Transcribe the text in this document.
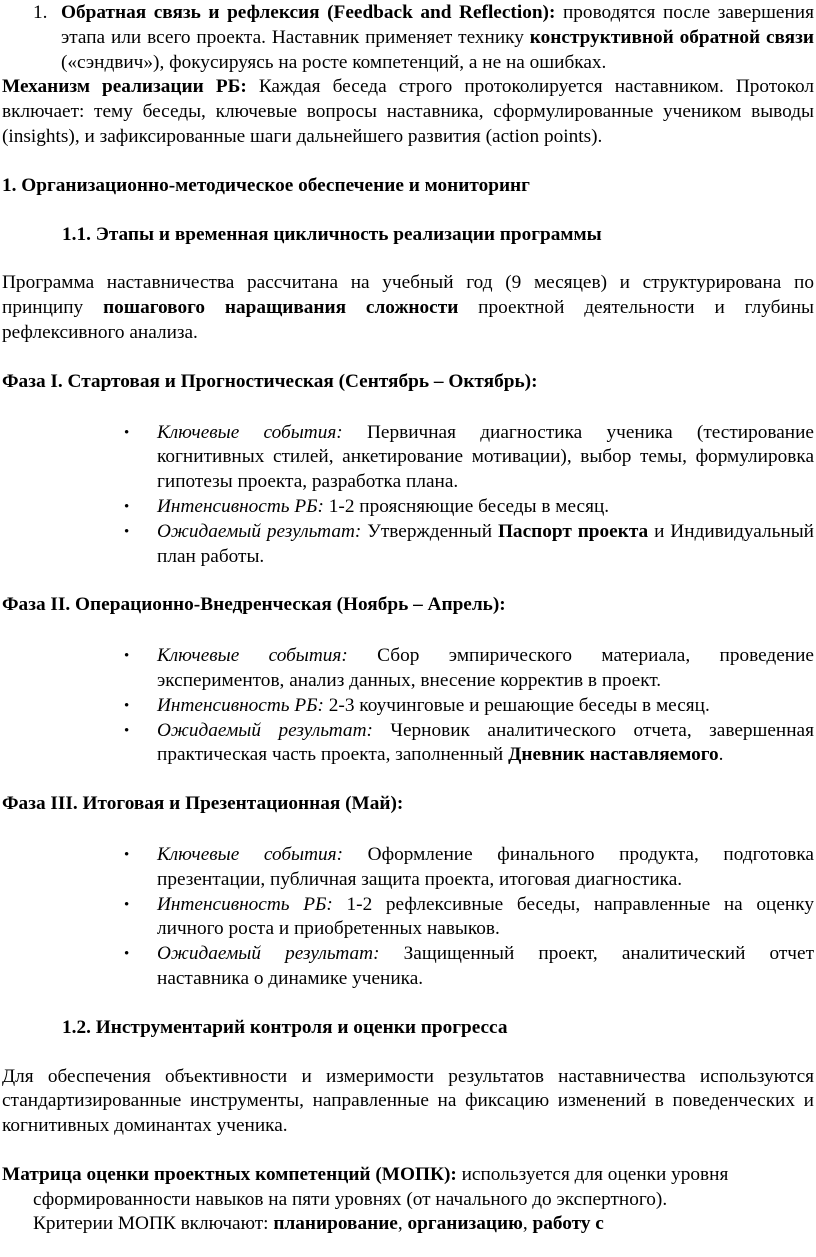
1. Обратная связь и рефлексия (Feedback and Reflection): проводятся после завершения этапа или всего проекта. Наставник применяет технику конструктивной обратной связи («сэндвич»), фокусируясь на росте компетенций, а не на ошибках.

Механизм реализации РБ: Каждая беседа строго протоколируется наставником. Протокол включает: тему беседы, ключевые вопросы наставника, сформулированные учеником выводы (insights), и зафиксированные шаги дальнейшего развития (action points).

1. Организационно-методическое обеспечение и мониторинг

1.1. Этапы и временная цикличность реализации программы

Программа наставничества рассчитана на учебный год (9 месяцев) и структурирована по принципу пошагового наращивания сложности проектной деятельности и глубины рефлексивного анализа.

Фаза I. Стартовая и Прогностическая (Сентябрь – Октябрь):

• Ключевые события: Первичная диагностика ученика (тестирование когнитивных стилей, анкетирование мотивации), выбор темы, формулировка гипотезы проекта, разработка плана.
• Интенсивность РБ: 1-2 проясняющие беседы в месяц.
• Ожидаемый результат: Утвержденный Паспорт проекта и Индивидуальный план работы.

Фаза II. Операционно-Внедренческая (Ноябрь – Апрель):

• Ключевые события: Сбор эмпирического материала, проведение экспериментов, анализ данных, внесение корректив в проект.
• Интенсивность РБ: 2-3 коучинговые и решающие беседы в месяц.
• Ожидаемый результат: Черновик аналитического отчета, завершенная практическая часть проекта, заполненный Дневник наставляемого.

Фаза III. Итоговая и Презентационная (Май):

• Ключевые события: Оформление финального продукта, подготовка презентации, публичная защита проекта, итоговая диагностика.
• Интенсивность РБ: 1-2 рефлексивные беседы, направленные на оценку личного роста и приобретенных навыков.
• Ожидаемый результат: Защищенный проект, аналитический отчет наставника о динамике ученика.

1.2. Инструментарий контроля и оценки прогресса

Для обеспечения объективности и измеримости результатов наставничества используются стандартизированные инструменты, направленные на фиксацию изменений в поведенческих и когнитивных доминантах ученика.

Матрица оценки проектных компетенций (МОПК): используется для оценки уровня сформированности навыков на пяти уровнях (от начального до экспертного).
Критерии МОПК включают: планирование, организацию, работу с
